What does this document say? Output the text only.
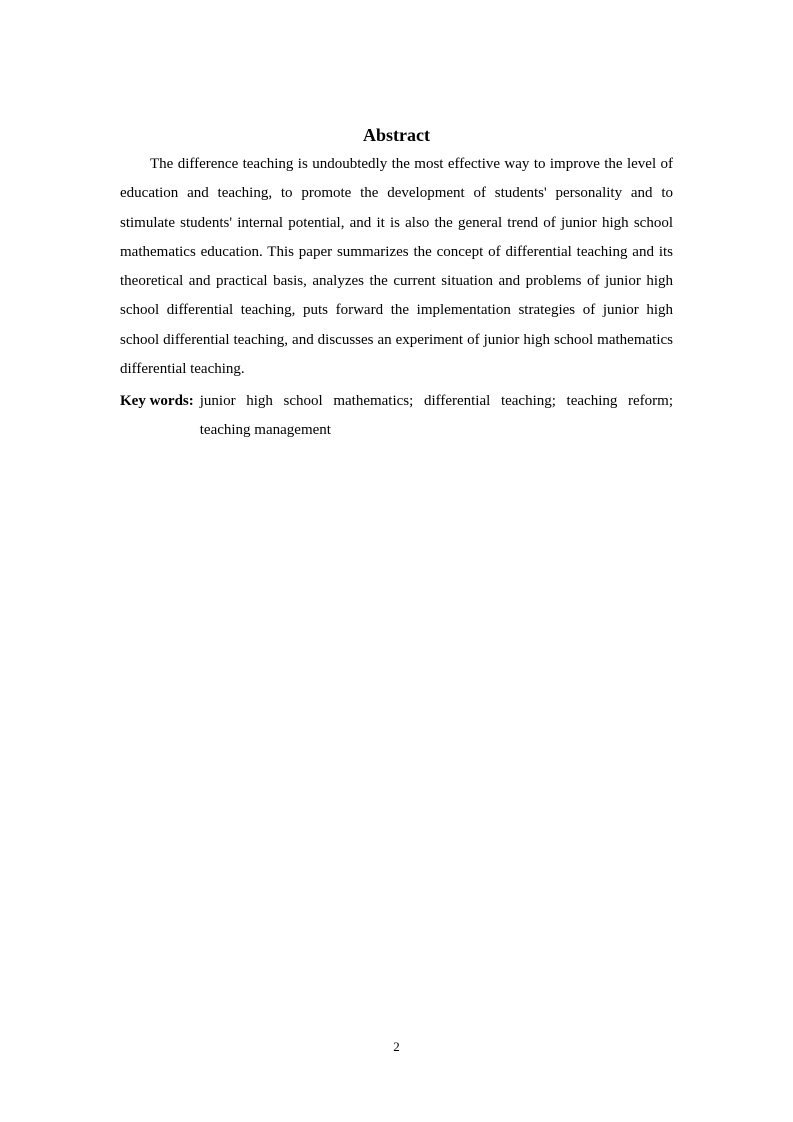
Abstract

The difference teaching is undoubtedly the most effective way to improve the level of education and teaching, to promote the development of students' personality and to stimulate students' internal potential, and it is also the general trend of junior high school mathematics education. This paper summarizes the concept of differential teaching and its theoretical and practical basis, analyzes the current situation and problems of junior high school differential teaching, puts forward the implementation strategies of junior high school differential teaching, and discusses an experiment of junior high school mathematics differential teaching.

Key words: junior high school mathematics; differential teaching; teaching reform;
teaching management
2
